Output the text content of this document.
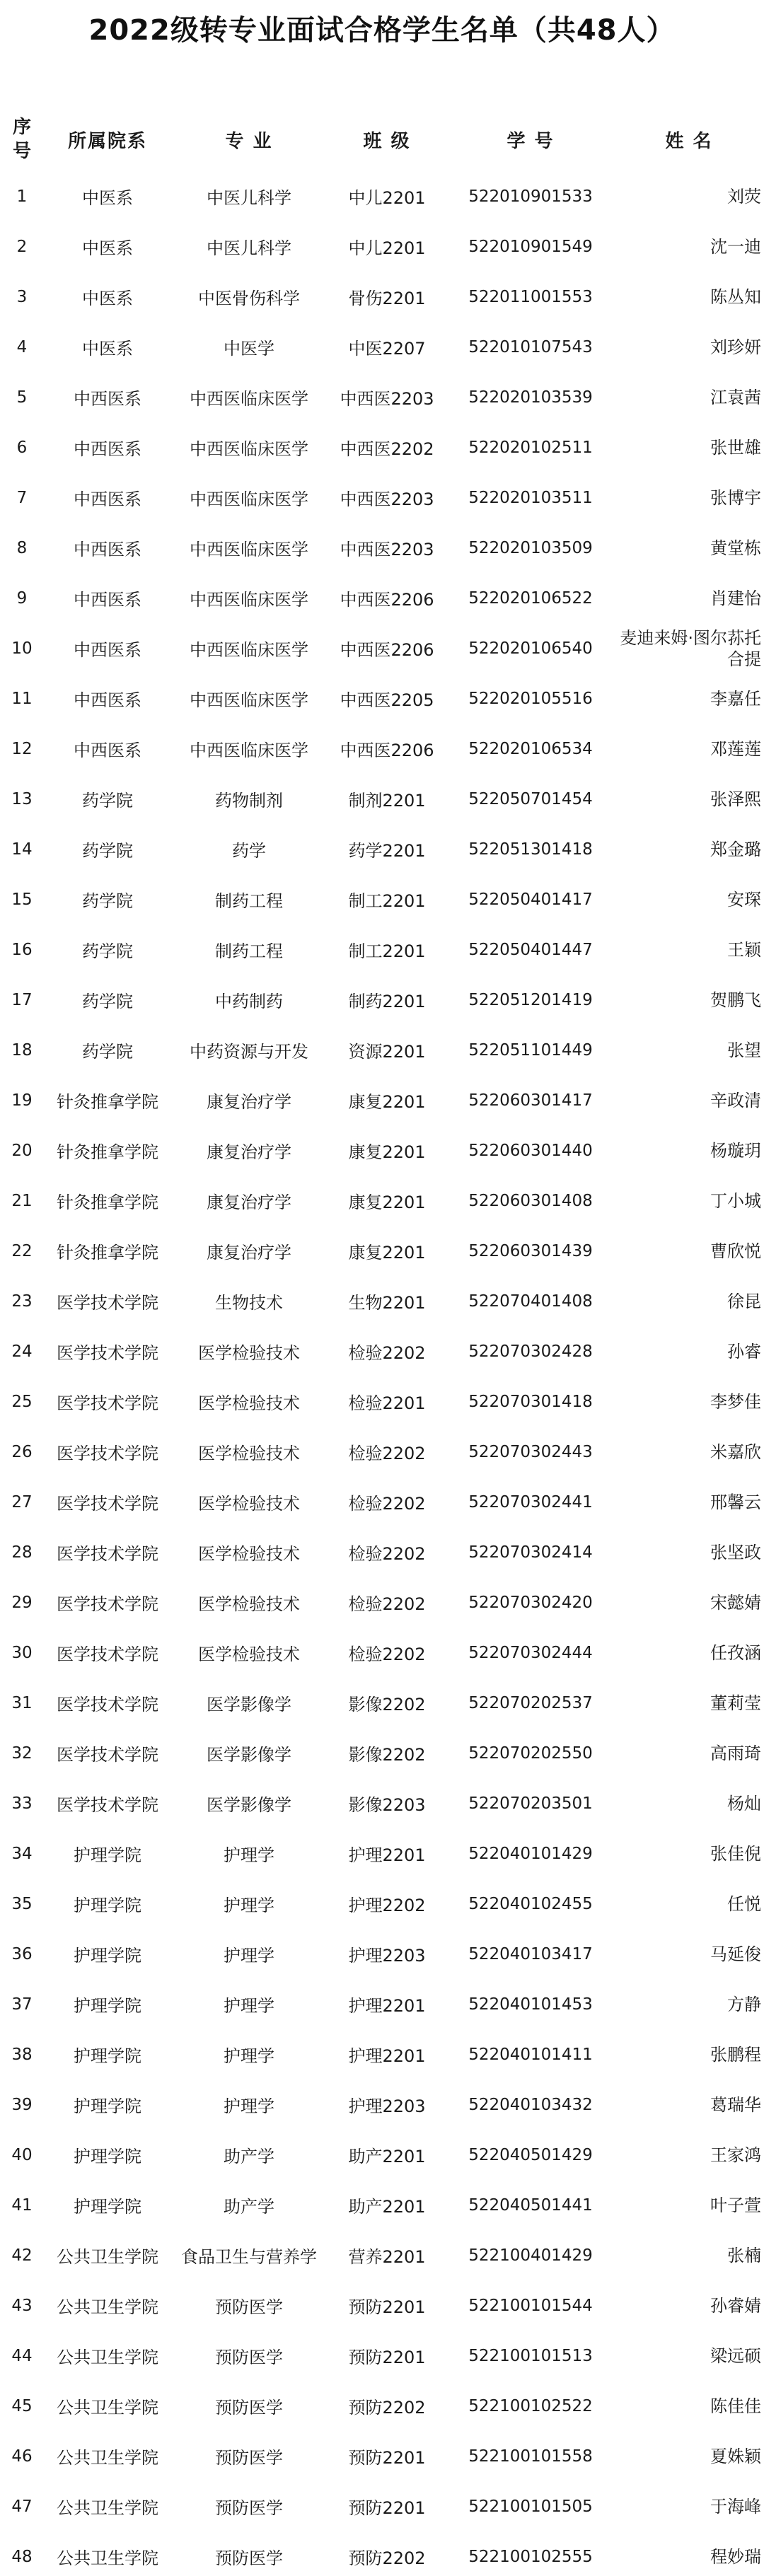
2022级转专业面试合格学生名单（共48人）
序
号	所属院系	专 业	班 级	学 号	姓 名
1	中医系	中医儿科学	中儿2201	522010901533	刘荧
2	中医系	中医儿科学	中儿2201	522010901549	沈一迪
3	中医系	中医骨伤科学	骨伤2201	522011001553	陈丛知
4	中医系	中医学	中医2207	522010107543	刘珍妍
5	中西医系	中西医临床医学	中西医2203	522020103539	江袁茜
6	中西医系	中西医临床医学	中西医2202	522020102511	张世雄
7	中西医系	中西医临床医学	中西医2203	522020103511	张博宇
8	中西医系	中西医临床医学	中西医2203	522020103509	黄堂栋
9	中西医系	中西医临床医学	中西医2206	522020106522	肖建怡
10	中西医系	中西医临床医学	中西医2206	522020106540	麦迪来姆·图尔荪托合提
11	中西医系	中西医临床医学	中西医2205	522020105516	李嘉任
12	中西医系	中西医临床医学	中西医2206	522020106534	邓莲莲
13	药学院	药物制剂	制剂2201	522050701454	张泽熙
14	药学院	药学	药学2201	522051301418	郑金璐
15	药学院	制药工程	制工2201	522050401417	安琛
16	药学院	制药工程	制工2201	522050401447	王颖
17	药学院	中药制药	制药2201	522051201419	贺鹏飞
18	药学院	中药资源与开发	资源2201	522051101449	张望
19	针灸推拿学院	康复治疗学	康复2201	522060301417	辛政清
20	针灸推拿学院	康复治疗学	康复2201	522060301440	杨璇玥
21	针灸推拿学院	康复治疗学	康复2201	522060301408	丁小城
22	针灸推拿学院	康复治疗学	康复2201	522060301439	曹欣悦
23	医学技术学院	生物技术	生物2201	522070401408	徐昆
24	医学技术学院	医学检验技术	检验2202	522070302428	孙睿
25	医学技术学院	医学检验技术	检验2201	522070301418	李梦佳
26	医学技术学院	医学检验技术	检验2202	522070302443	米嘉欣
27	医学技术学院	医学检验技术	检验2202	522070302441	邢馨云
28	医学技术学院	医学检验技术	检验2202	522070302414	张坚政
29	医学技术学院	医学检验技术	检验2202	522070302420	宋懿婧
30	医学技术学院	医学检验技术	检验2202	522070302444	任孜涵
31	医学技术学院	医学影像学	影像2202	522070202537	董莉莹
32	医学技术学院	医学影像学	影像2202	522070202550	高雨琦
33	医学技术学院	医学影像学	影像2203	522070203501	杨灿
34	护理学院	护理学	护理2201	522040101429	张佳倪
35	护理学院	护理学	护理2202	522040102455	任悦
36	护理学院	护理学	护理2203	522040103417	马延俊
37	护理学院	护理学	护理2201	522040101453	方静
38	护理学院	护理学	护理2201	522040101411	张鹏程
39	护理学院	护理学	护理2203	522040103432	葛瑞华
40	护理学院	助产学	助产2201	522040501429	王家鸿
41	护理学院	助产学	助产2201	522040501441	叶子萱
42	公共卫生学院	食品卫生与营养学	营养2201	522100401429	张楠
43	公共卫生学院	预防医学	预防2201	522100101544	孙睿婧
44	公共卫生学院	预防医学	预防2201	522100101513	梁远硕
45	公共卫生学院	预防医学	预防2202	522100102522	陈佳佳
46	公共卫生学院	预防医学	预防2201	522100101558	夏姝颖
47	公共卫生学院	预防医学	预防2201	522100101505	于海峰
48	公共卫生学院	预防医学	预防2202	522100102555	程妙瑞
